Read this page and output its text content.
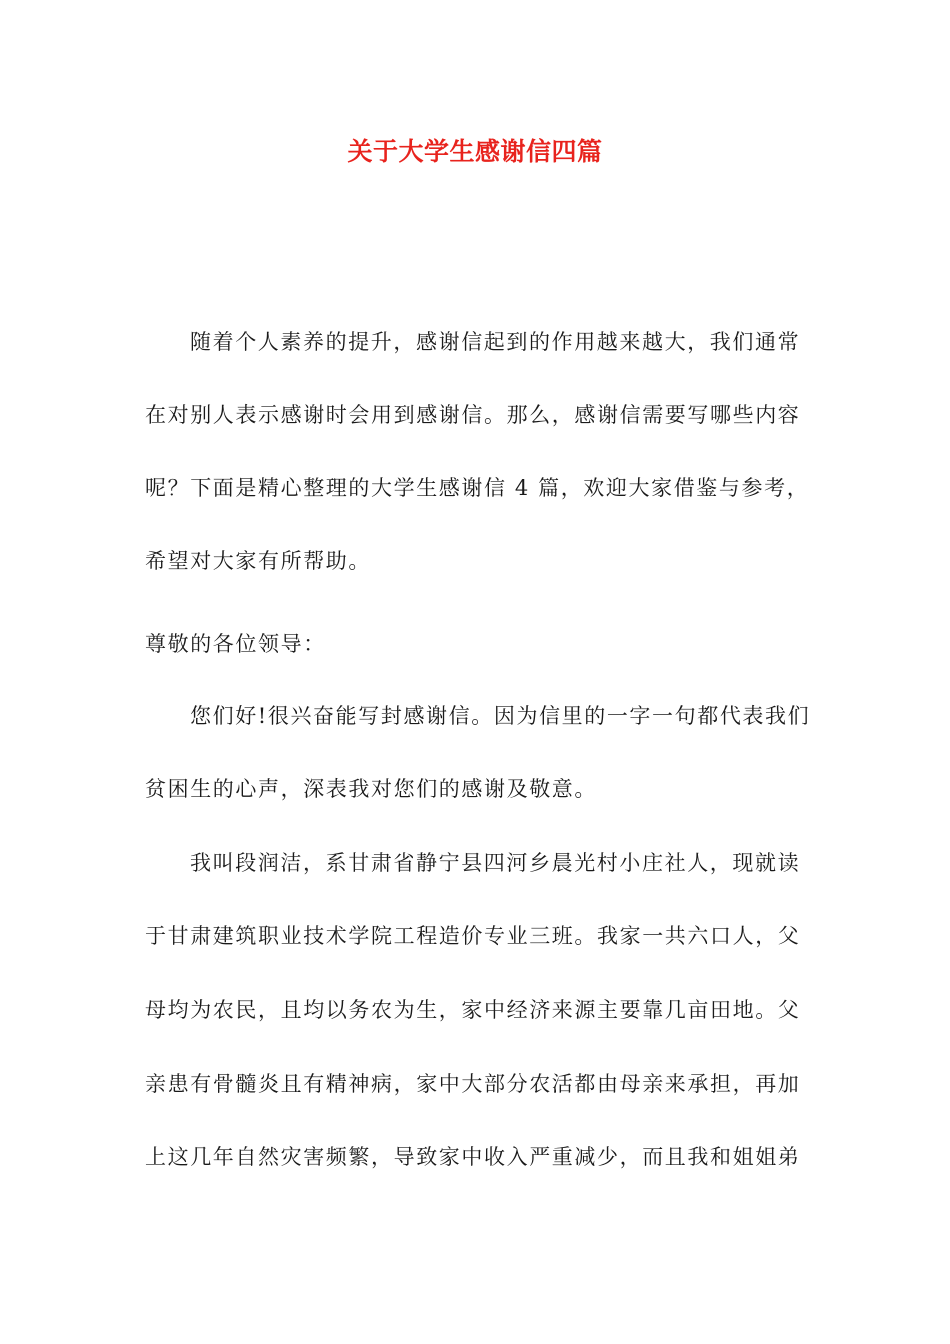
关于大学生感谢信四篇
随着个人素养的提升，感谢信起到的作用越来越大，我们通常
在对别人表示感谢时会用到感谢信。那么，感谢信需要写哪些内容
呢？下面是精心整理的大学生感谢信 4 篇，欢迎大家借鉴与参考，
希望对大家有所帮助。
尊敬的各位领导：
您们好!很兴奋能写封感谢信。因为信里的一字一句都代表我们
贫困生的心声，深表我对您们的感谢及敬意。
我叫段润洁，系甘肃省静宁县四河乡晨光村小庄社人，现就读
于甘肃建筑职业技术学院工程造价专业三班。我家一共六口人，父
母均为农民，且均以务农为生，家中经济来源主要靠几亩田地。父
亲患有骨髓炎且有精神病，家中大部分农活都由母亲来承担，再加
上这几年自然灾害频繁，导致家中收入严重减少，而且我和姐姐弟
